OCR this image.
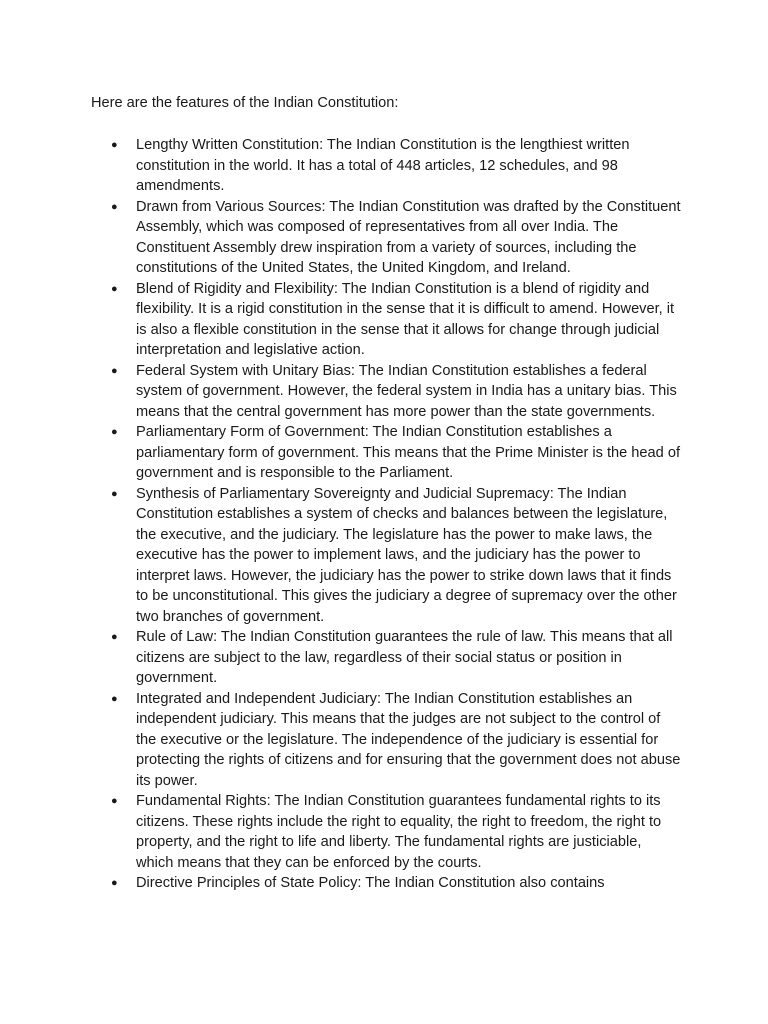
Here are the features of the Indian Constitution:

● Lengthy Written Constitution: The Indian Constitution is the lengthiest written constitution in the world. It has a total of 448 articles, 12 schedules, and 98 amendments.
● Drawn from Various Sources: The Indian Constitution was drafted by the Constituent Assembly, which was composed of representatives from all over India. The Constituent Assembly drew inspiration from a variety of sources, including the constitutions of the United States, the United Kingdom, and Ireland.
● Blend of Rigidity and Flexibility: The Indian Constitution is a blend of rigidity and flexibility. It is a rigid constitution in the sense that it is difficult to amend. However, it is also a flexible constitution in the sense that it allows for change through judicial interpretation and legislative action.
● Federal System with Unitary Bias: The Indian Constitution establishes a federal system of government. However, the federal system in India has a unitary bias. This means that the central government has more power than the state governments.
● Parliamentary Form of Government: The Indian Constitution establishes a parliamentary form of government. This means that the Prime Minister is the head of government and is responsible to the Parliament.
● Synthesis of Parliamentary Sovereignty and Judicial Supremacy: The Indian Constitution establishes a system of checks and balances between the legislature, the executive, and the judiciary. The legislature has the power to make laws, the executive has the power to implement laws, and the judiciary has the power to interpret laws. However, the judiciary has the power to strike down laws that it finds to be unconstitutional. This gives the judiciary a degree of supremacy over the other two branches of government.
● Rule of Law: The Indian Constitution guarantees the rule of law. This means that all citizens are subject to the law, regardless of their social status or position in government.
● Integrated and Independent Judiciary: The Indian Constitution establishes an independent judiciary. This means that the judges are not subject to the control of the executive or the legislature. The independence of the judiciary is essential for protecting the rights of citizens and for ensuring that the government does not abuse its power.
● Fundamental Rights: The Indian Constitution guarantees fundamental rights to its citizens. These rights include the right to equality, the right to freedom, the right to property, and the right to life and liberty. The fundamental rights are justiciable, which means that they can be enforced by the courts.
● Directive Principles of State Policy: The Indian Constitution also contains
